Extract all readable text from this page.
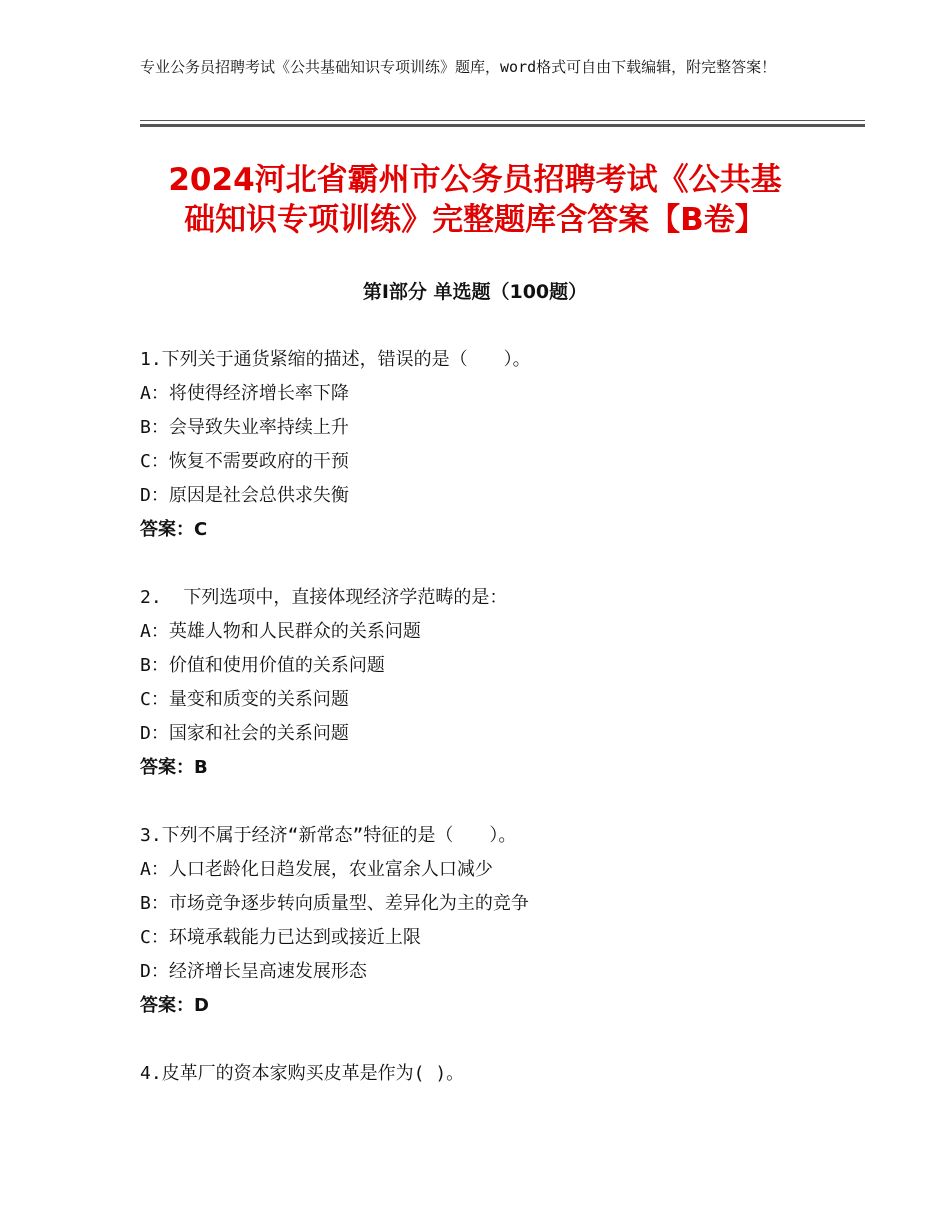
专业公务员招聘考试《公共基础知识专项训练》题库，word格式可自由下载编辑，附完整答案！
2024河北省霸州市公务员招聘考试《公共基
础知识专项训练》完整题库含答案【B卷】
第Ⅰ部分 单选题（100题）
1.下列关于通货紧缩的描述，错误的是（　　）。
A：将使得经济增长率下降
B：会导致失业率持续上升
C：恢复不需要政府的干预
D：原因是社会总供求失衡
答案：C
2.  下列选项中，直接体现经济学范畴的是：
A：英雄人物和人民群众的关系问题
B：价值和使用价值的关系问题
C：量变和质变的关系问题
D：国家和社会的关系问题
答案：B
3.下列不属于经济“新常态”特征的是（　　）。
A：人口老龄化日趋发展，农业富余人口减少
B：市场竞争逐步转向质量型、差异化为主的竞争
C：环境承载能力已达到或接近上限
D：经济增长呈高速发展形态
答案：D
4.皮革厂的资本家购买皮革是作为( )。
